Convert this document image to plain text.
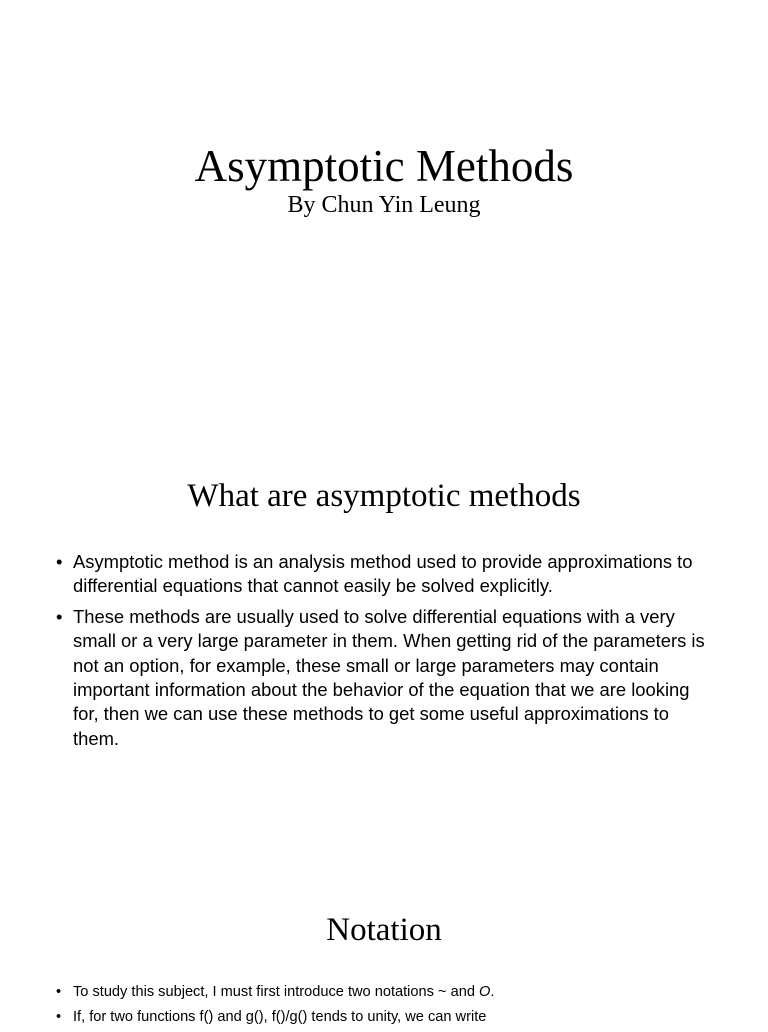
Asymptotic Methods
By Chun Yin Leung
What are asymptotic methods
• Asymptotic method is an analysis method used to provide approximations to differential equations that cannot easily be solved explicitly.
• These methods are usually used to solve differential equations with a very small or a very large parameter in them. When getting rid of the parameters is not an option, for example, these small or large parameters may contain important information about the behavior of the equation that we are looking for, then we can use these methods to get some useful approximations to them.
Notation
• To study this subject, I must first introduce two notations ~ and O.
• If, for two functions f() and g(), f()/g() tends to unity, we can write
